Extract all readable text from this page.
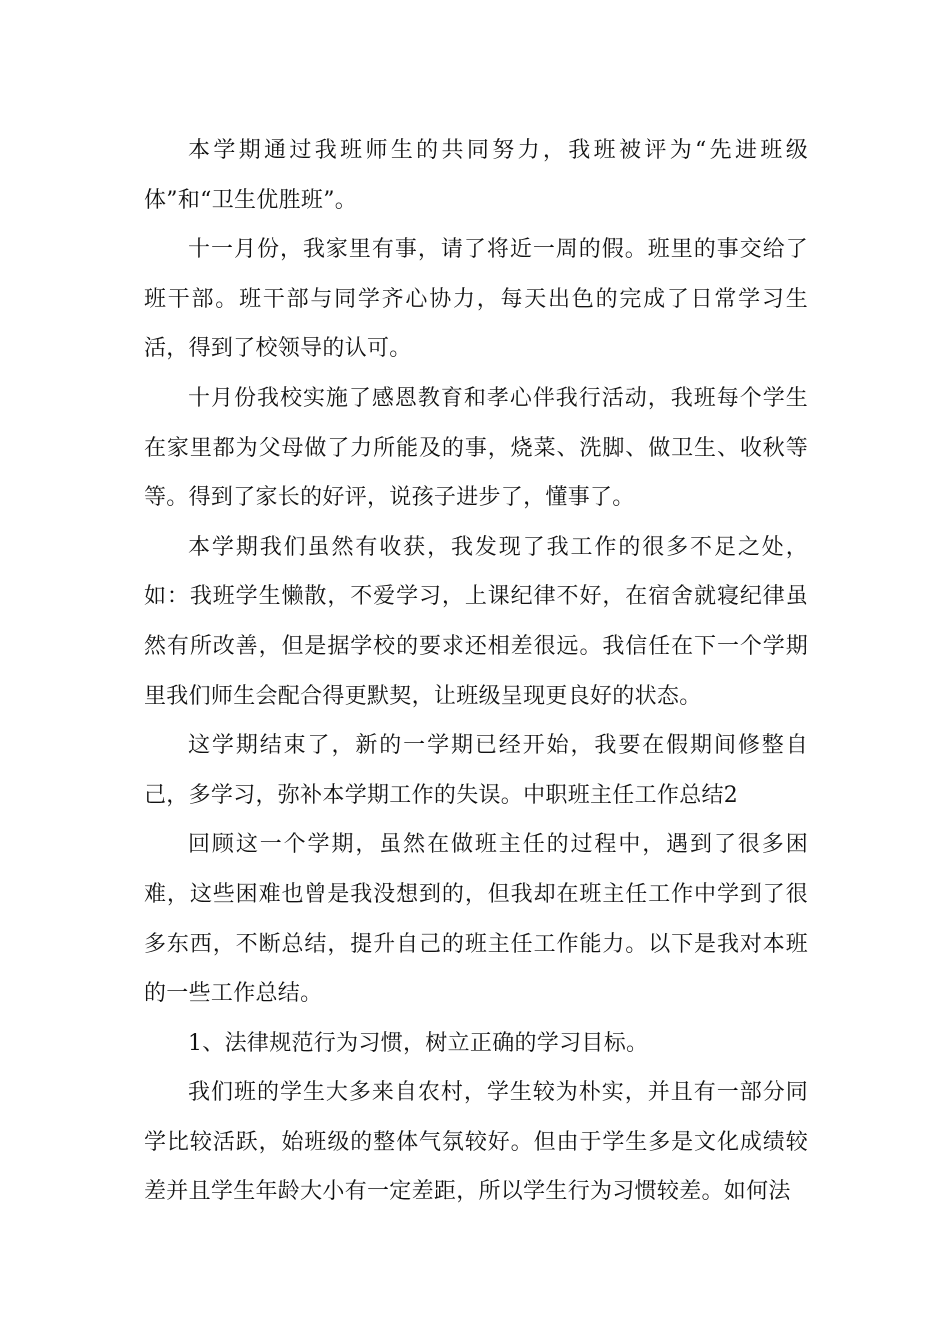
本学期通过我班师生的共同努力，我班被评为“先进班级体”和“卫生优胜班”。

十一月份，我家里有事，请了将近一周的假。班里的事交给了班干部。班干部与同学齐心协力，每天出色的完成了日常学习生活，得到了校领导的认可。

十月份我校实施了感恩教育和孝心伴我行活动，我班每个学生在家里都为父母做了力所能及的事，烧菜、洗脚、做卫生、收秋等等。得到了家长的好评，说孩子进步了，懂事了。

本学期我们虽然有收获，我发现了我工作的很多不足之处，如：我班学生懒散，不爱学习，上课纪律不好，在宿舍就寝纪律虽然有所改善，但是据学校的要求还相差很远。我信任在下一个学期里我们师生会配合得更默契，让班级呈现更良好的状态。

这学期结束了，新的一学期已经开始，我要在假期间修整自己，多学习，弥补本学期工作的失误。中职班主任工作总结2

回顾这一个学期，虽然在做班主任的过程中，遇到了很多困难，这些困难也曾是我没想到的，但我却在班主任工作中学到了很多东西，不断总结，提升自己的班主任工作能力。以下是我对本班的一些工作总结。

1、法律规范行为习惯，树立正确的学习目标。

我们班的学生大多来自农村，学生较为朴实，并且有一部分同学比较活跃，始班级的整体气氛较好。但由于学生多是文化成绩较差并且学生年龄大小有一定差距，所以学生行为习惯较差。如何法
